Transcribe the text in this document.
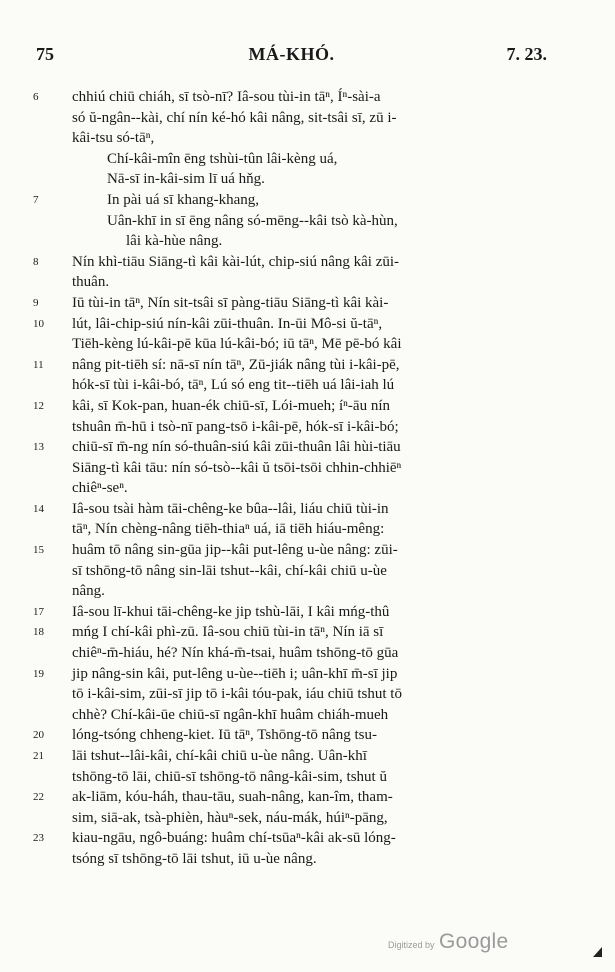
75	MÁ-KHÓ.	7. 23.
6	chhiú chiū chiáh, sī tsò-nī? Iâ-sou tùi-in tāⁿ, Íⁿ-sài-a
só ŭ-ngân--kài, chí nín ké-hó kâi nâng, sit-tsâi sī, zū i-
kâi-tsu só-tāⁿ,
Chí-kâi-mîn ēng tshùi-tûn lâi-kèng uá,
Nā-sī in-kâi-sim lī uá hňg.
7	In pài uá sī khang-khang,
Uân-khī in sī ēng nâng só-mēng--kâi tsò kà-hùn,
lâi kà-hùe nâng.
8	Nín khì-tiāu Siāng-tì kâi kài-lút, chip-siú nâng kâi zūi-
thuân.
9	Iū tùi-in tāⁿ, Nín sit-tsâi sī pàng-tiāu Siāng-tì kâi kài-
10	lút, lâi-chip-siú nín-kâi zūi-thuân. In-ūi Mô-si ŭ-tāⁿ,
Tiēh-kèng lú-kâi-pē kūa lú-kâi-bó; iū tāⁿ, Mē pē-bó kâi
11	nâng pit-tiēh sí: nā-sī nín tāⁿ, Zū-jiák nâng tùi i-kâi-pē,
hók-sī tùi i-kâi-bó, tāⁿ, Lú só eng tit--tiēh uá lâi-iah lú
12	kâi, sī Kok-pan, huan-ék chiū-sī, Lói-mueh; íⁿ-āu nín
tshuân m̄-hū i tsò-nī pang-tsō i-kâi-pē, hók-sī i-kâi-bó;
13	chiū-sī m̄-ng nín só-thuân-siú kâi zūi-thuân lâi hùi-tiāu
Siāng-tì kâi tāu: nín só-tsò--kâi ŭ tsōi-tsōi chhin-chhiēⁿ
chiêⁿ-seⁿ.
14	Iâ-sou tsài hàm tāi-chêng-ke bûa--lâi, liáu chiū tùi-in
tāⁿ, Nín chèng-nâng tiēh-thiaⁿ uá, iā tiēh hiáu-mêng:
15	huâm tō nâng sin-gūa jip--kâi put-lêng u-ùe nâng: zūi-
sī tshōng-tō nâng sin-lāi tshut--kâi, chí-kâi chiū u-ùe
nâng.
17	Iâ-sou lī-khui tāi-chêng-ke jip tshù-lāi, I kâi mńg-thû
18	mńg I chí-kâi phì-zū. Iâ-sou chiū tùi-in tāⁿ, Nín iā sī
chiêⁿ-m̄-hiáu, hé? Nín khá-m̄-tsai, huâm tshōng-tō gūa
19	jip nâng-sin kâi, put-lêng u-ùe--tiēh i; uân-khī m̄-sī jip
tō i-kâi-sim, zūi-sī jip tō i-kâi tóu-pak, iáu chiū tshut tō
chhè? Chí-kâi-ūe chiū-sī ngân-khī huâm chiáh-mueh
20	lóng-tsóng chheng-kiet. Iū tāⁿ, Tshōng-tō nâng tsu-
21	lāi tshut--lâi-kâi, chí-kâi chiū u-ùe nâng. Uân-khī
tshōng-tō lāi, chiū-sī tshōng-tō nâng-kâi-sim, tshut ŭ
22	ak-liām, kóu-háh, thau-tāu, suah-nâng, kan-îm, tham-
sim, siā-ak, tsà-phièn, hàuⁿ-sek, náu-mák, húiⁿ-pāng,
23	kiau-ngāu, ngô-buáng: huâm chí-tsūaⁿ-kâi ak-sū lóng-
tsóng sī tshōng-tō lāi tshut, iū u-ùe nâng.
Digitized by Google
